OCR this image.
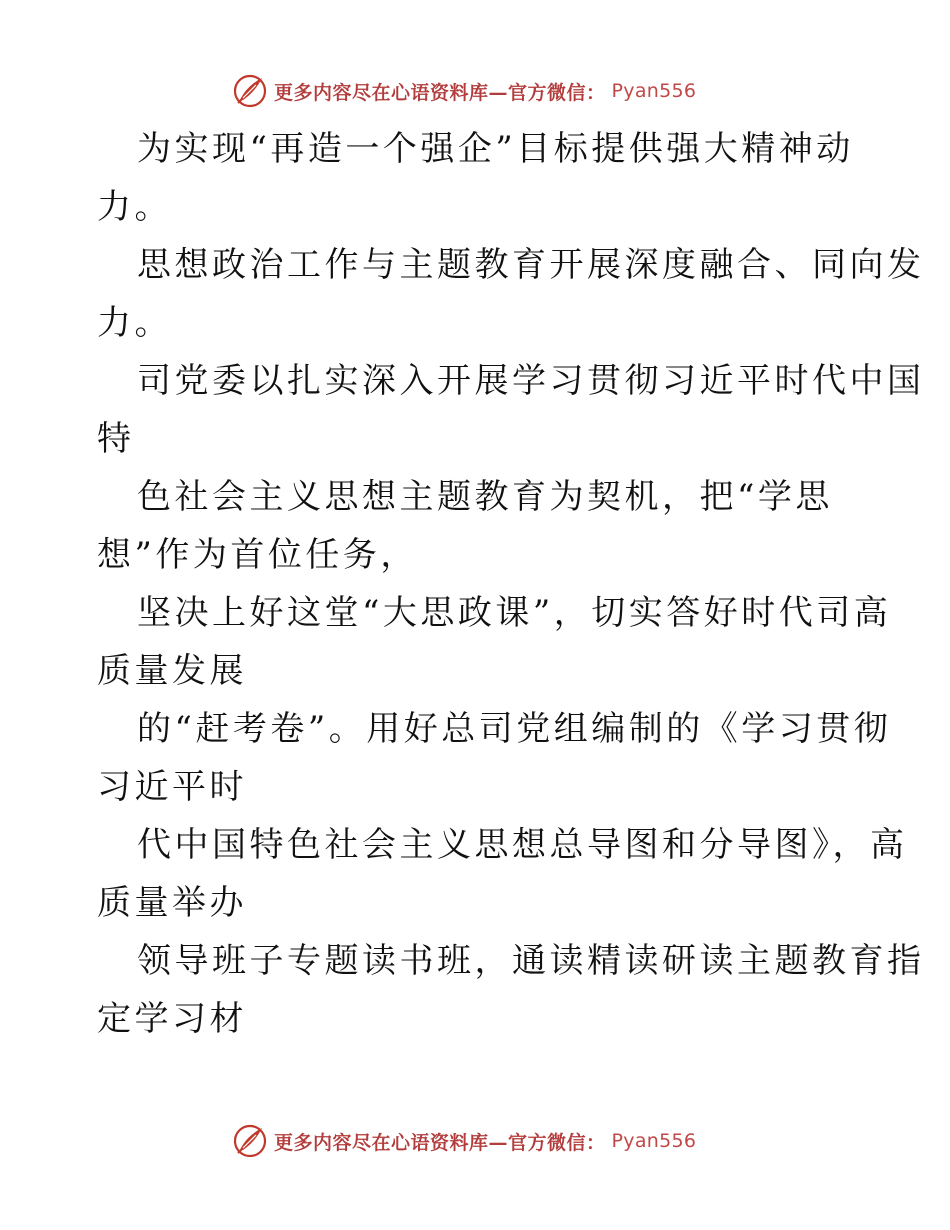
更多内容尽在心语资料库—官方微信： Pyan556
为实现“再造一个强企”目标提供强大精神动
力。
思想政治工作与主题教育开展深度融合、同向发
力。
司党委以扎实深入开展学习贯彻习近平时代中国
特
色社会主义思想主题教育为契机，把“学思
想”作为首位任务，
坚决上好这堂“大思政课”，切实答好时代司高
质量发展
的“赶考卷”。用好总司党组编制的《学习贯彻
习近平时
代中国特色社会主义思想总导图和分导图》，高
质量举办
领导班子专题读书班，通读精读研读主题教育指
定学习材
更多内容尽在心语资料库—官方微信： Pyan556
